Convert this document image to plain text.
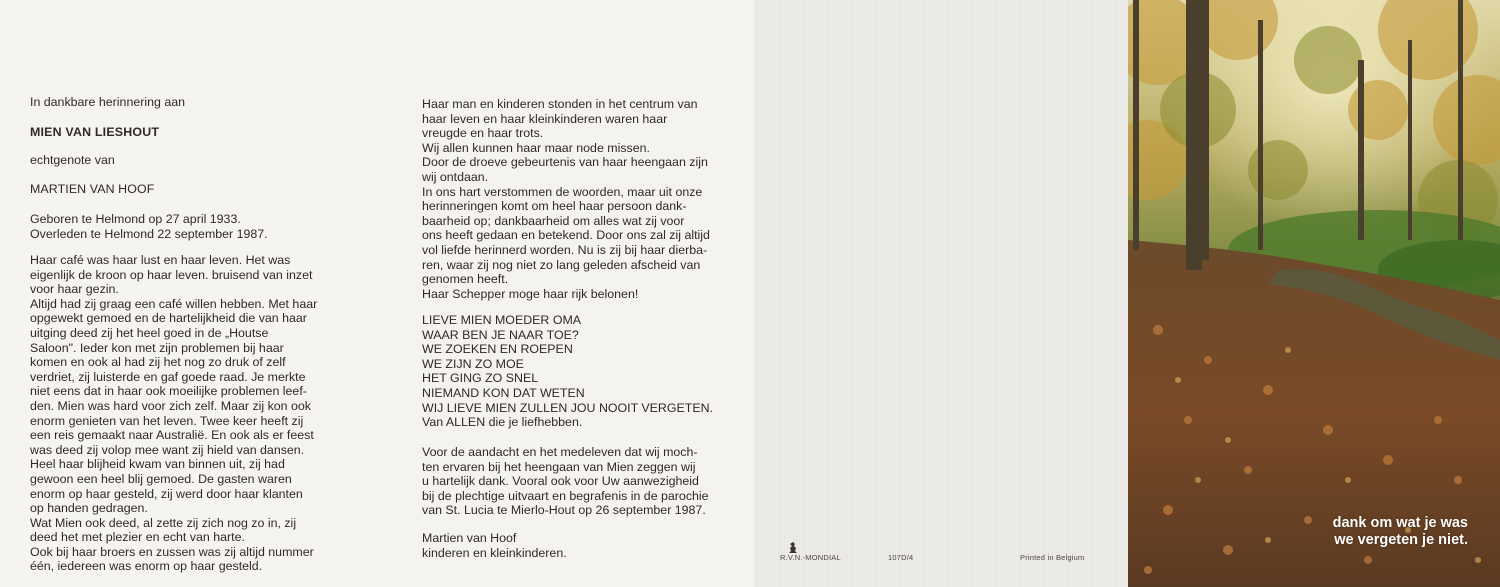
In dankbare herinnering aan
MIEN VAN LIESHOUT
echtgenote van
MARTIEN VAN HOOF
Geboren te Helmond op 27 april 1933.
Overleden te Helmond 22 september 1987.

Haar café was haar lust en haar leven. Het was
eigenlijk de kroon op haar leven. bruisend van inzet
voor haar gezin.

Altijd had zij graag een café willen hebben. Met haar
opgewekt gemoed en de hartelijkheid die van haar
uitging deed zij het heel goed in de „Houtse
Saloon". Ieder kon met zijn problemen bij haar
komen en ook al had zij het nog zo druk of zelf
verdriet, zij luisterde en gaf goede raad. Je merkte
niet eens dat in haar ook moeilijke problemen leef-
den. Mien was hard voor zich zelf. Maar zij kon ook
enorm genieten van het leven. Twee keer heeft zij
een reis gemaakt naar Australië. En ook als er feest
was deed zij volop mee want zij hield van dansen.
Heel haar blijheid kwam van binnen uit, zij had
gewoon een heel blij gemoed. De gasten waren
enorm op haar gesteld, zij werd door haar klanten
op handen gedragen.

Wat Mien ook deed, al zette zij zich nog zo in, zij
deed het met plezier en echt van harte.

Ook bij haar broers en zussen was zij altijd nummer
één, iedereen was enorm op haar gesteld.

Haar man en kinderen stonden in het centrum van
haar leven en haar kleinkinderen waren haar
vreugde en haar trots.

Wij allen kunnen haar maar node missen.

Door de droeve gebeurtenis van haar heengaan zijn
wij ontdaan.

In ons hart verstommen de woorden, maar uit onze
herinneringen komt om heel haar persoon dank-
baarheid op; dankbaarheid om alles wat zij voor
ons heeft gedaan en betekend. Door ons zal zij altijd
vol liefde herinnerd worden. Nu is zij bij haar dierba-
ren, waar zij nog niet zo lang geleden afscheid van
genomen heeft.

Haar Schepper moge haar rijk belonen!

LIEVE MIEN MOEDER OMA
WAAR BEN JE NAAR TOE?
WE ZOEKEN EN ROEPEN
WE ZIJN ZO MOE
HET GING ZO SNEL
NIEMAND KON DAT WETEN
WIJ LIEVE MIEN ZULLEN JOU NOOIT VERGETEN.
Van ALLEN die je liefhebben.
Voor de aandacht en het medeleven dat wij moch-
ten ervaren bij het heengaan van Mien zeggen wij
u hartelijk dank. Vooral ook voor Uw aanwezigheid
bij de plechtige uitvaart en begrafenis in de parochie
van St. Lucia te Mierlo-Hout op 26 september 1987.
Martien van Hoof
kinderen en kleinkinderen.	R.V.N.-MONDIAL	107D/4	Printed in Belgium
dank om wat je was
we vergeten je niet.
